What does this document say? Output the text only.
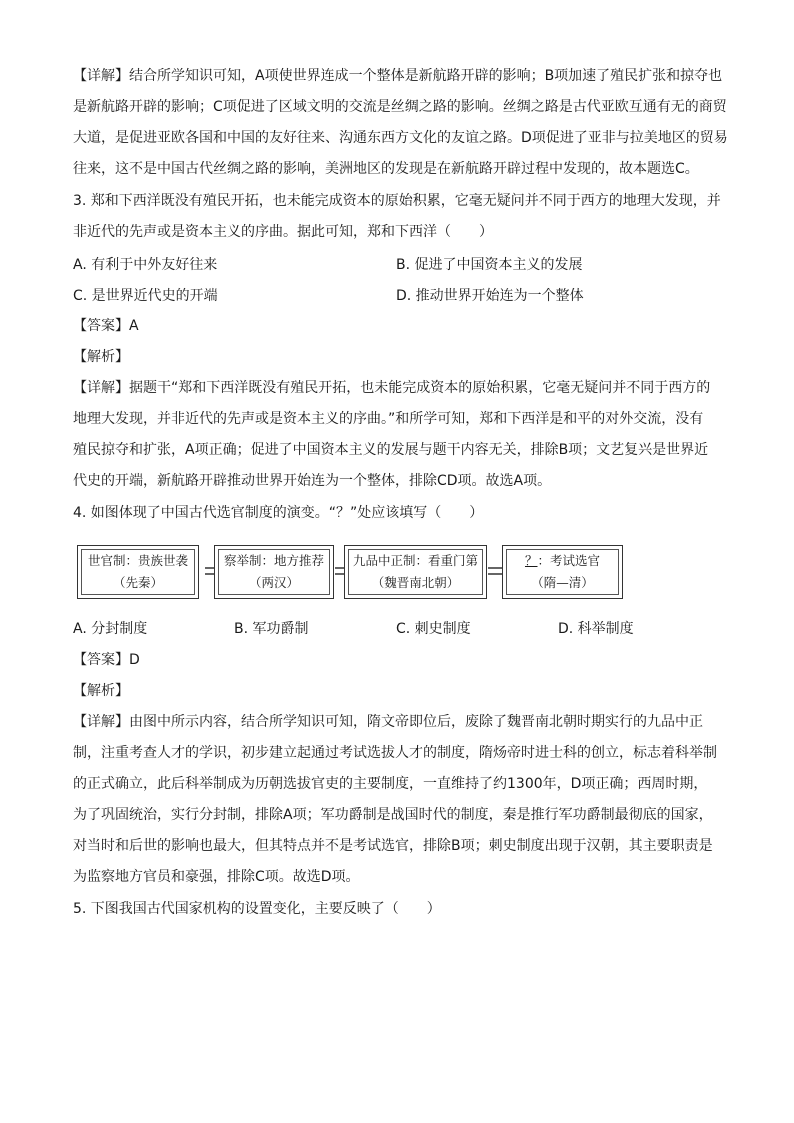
【详解】结合所学知识可知，A项使世界连成一个整体是新航路开辟的影响；B项加速了殖民扩张和掠夺也
是新航路开辟的影响；C项促进了区域文明的交流是丝绸之路的影响。丝绸之路是古代亚欧互通有无的商贸
大道，是促进亚欧各国和中国的友好往来、沟通东西方文化的友谊之路。D项促进了亚非与拉美地区的贸易
往来，这不是中国古代丝绸之路的影响，美洲地区的发现是在新航路开辟过程中发现的，故本题选C。
3. 郑和下西洋既没有殖民开拓，也未能完成资本的原始积累，它毫无疑问并不同于西方的地理大发现，并
非近代的先声或是资本主义的序曲。据此可知，郑和下西洋（　　）
A. 有利于中外友好往来	B. 促进了中国资本主义的发展
C. 是世界近代史的开端	D. 推动世界开始连为一个整体
【答案】A
【解析】
【详解】据题干“郑和下西洋既没有殖民开拓，也未能完成资本的原始积累，它毫无疑问并不同于西方的
地理大发现，并非近代的先声或是资本主义的序曲。”和所学可知，郑和下西洋是和平的对外交流，没有
殖民掠夺和扩张，A项正确；促进了中国资本主义的发展与题干内容无关，排除B项；文艺复兴是世界近
代史的开端，新航路开辟推动世界开始连为一个整体，排除CD项。故选A项。
4. 如图体现了中国古代选官制度的演变。“？”处应该填写（　　）
世官制：贵族世袭
（先秦）
察举制：地方推荐
（两汉）
九品中正制：看重门第
（魏晋南北朝）
？：考试选官
（隋—清）
A. 分封制度	B. 军功爵制	C. 刺史制度	D. 科举制度
【答案】D
【解析】
【详解】由图中所示内容，结合所学知识可知，隋文帝即位后，废除了魏晋南北朝时期实行的九品中正
制，注重考查人才的学识，初步建立起通过考试选拔人才的制度，隋炀帝时进士科的创立，标志着科举制
的正式确立，此后科举制成为历朝选拔官吏的主要制度，一直维持了约1300年，D项正确；西周时期，
为了巩固统治，实行分封制，排除A项；军功爵制是战国时代的制度，秦是推行军功爵制最彻底的国家，
对当时和后世的影响也最大，但其特点并不是考试选官，排除B项；刺史制度出现于汉朝，其主要职责是
为监察地方官员和豪强，排除C项。故选D项。
5. 下图我国古代国家机构的设置变化，主要反映了（　　）
